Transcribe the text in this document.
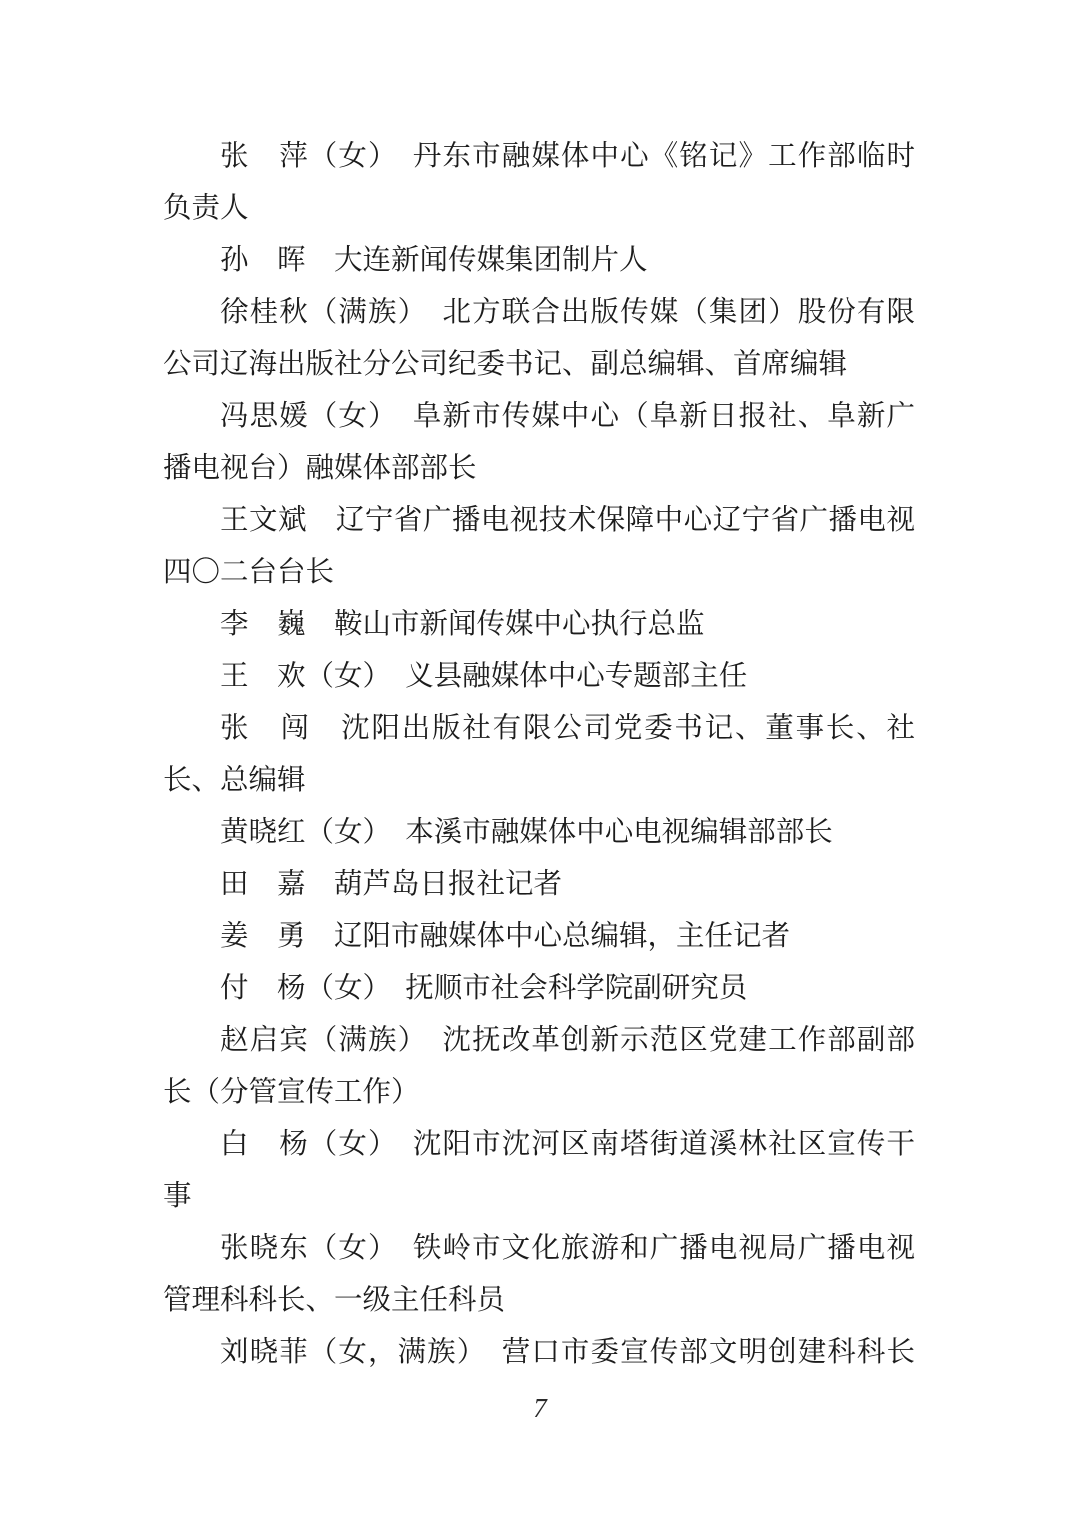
张　萍（女）　丹东市融媒体中心《铭记》工作部临时
负责人
孙　晖　大连新闻传媒集团制片人
徐桂秋（满族）　北方联合出版传媒（集团）股份有限
公司辽海出版社分公司纪委书记、副总编辑、首席编辑
冯思媛（女）　阜新市传媒中心（阜新日报社、阜新广
播电视台）融媒体部部长
王文斌　辽宁省广播电视技术保障中心辽宁省广播电视
四〇二台台长
李　巍　鞍山市新闻传媒中心执行总监
王　欢（女）　义县融媒体中心专题部主任
张　闯　沈阳出版社有限公司党委书记、董事长、社
长、总编辑
黄晓红（女）　本溪市融媒体中心电视编辑部部长
田　嘉　葫芦岛日报社记者
姜　勇　辽阳市融媒体中心总编辑，主任记者
付　杨（女）　抚顺市社会科学院副研究员
赵启宾（满族）　沈抚改革创新示范区党建工作部副部
长（分管宣传工作）
白　杨（女）　沈阳市沈河区南塔街道溪林社区宣传干
事
张晓东（女）　铁岭市文化旅游和广播电视局广播电视
管理科科长、一级主任科员
刘晓菲（女，满族）　营口市委宣传部文明创建科科长
7
